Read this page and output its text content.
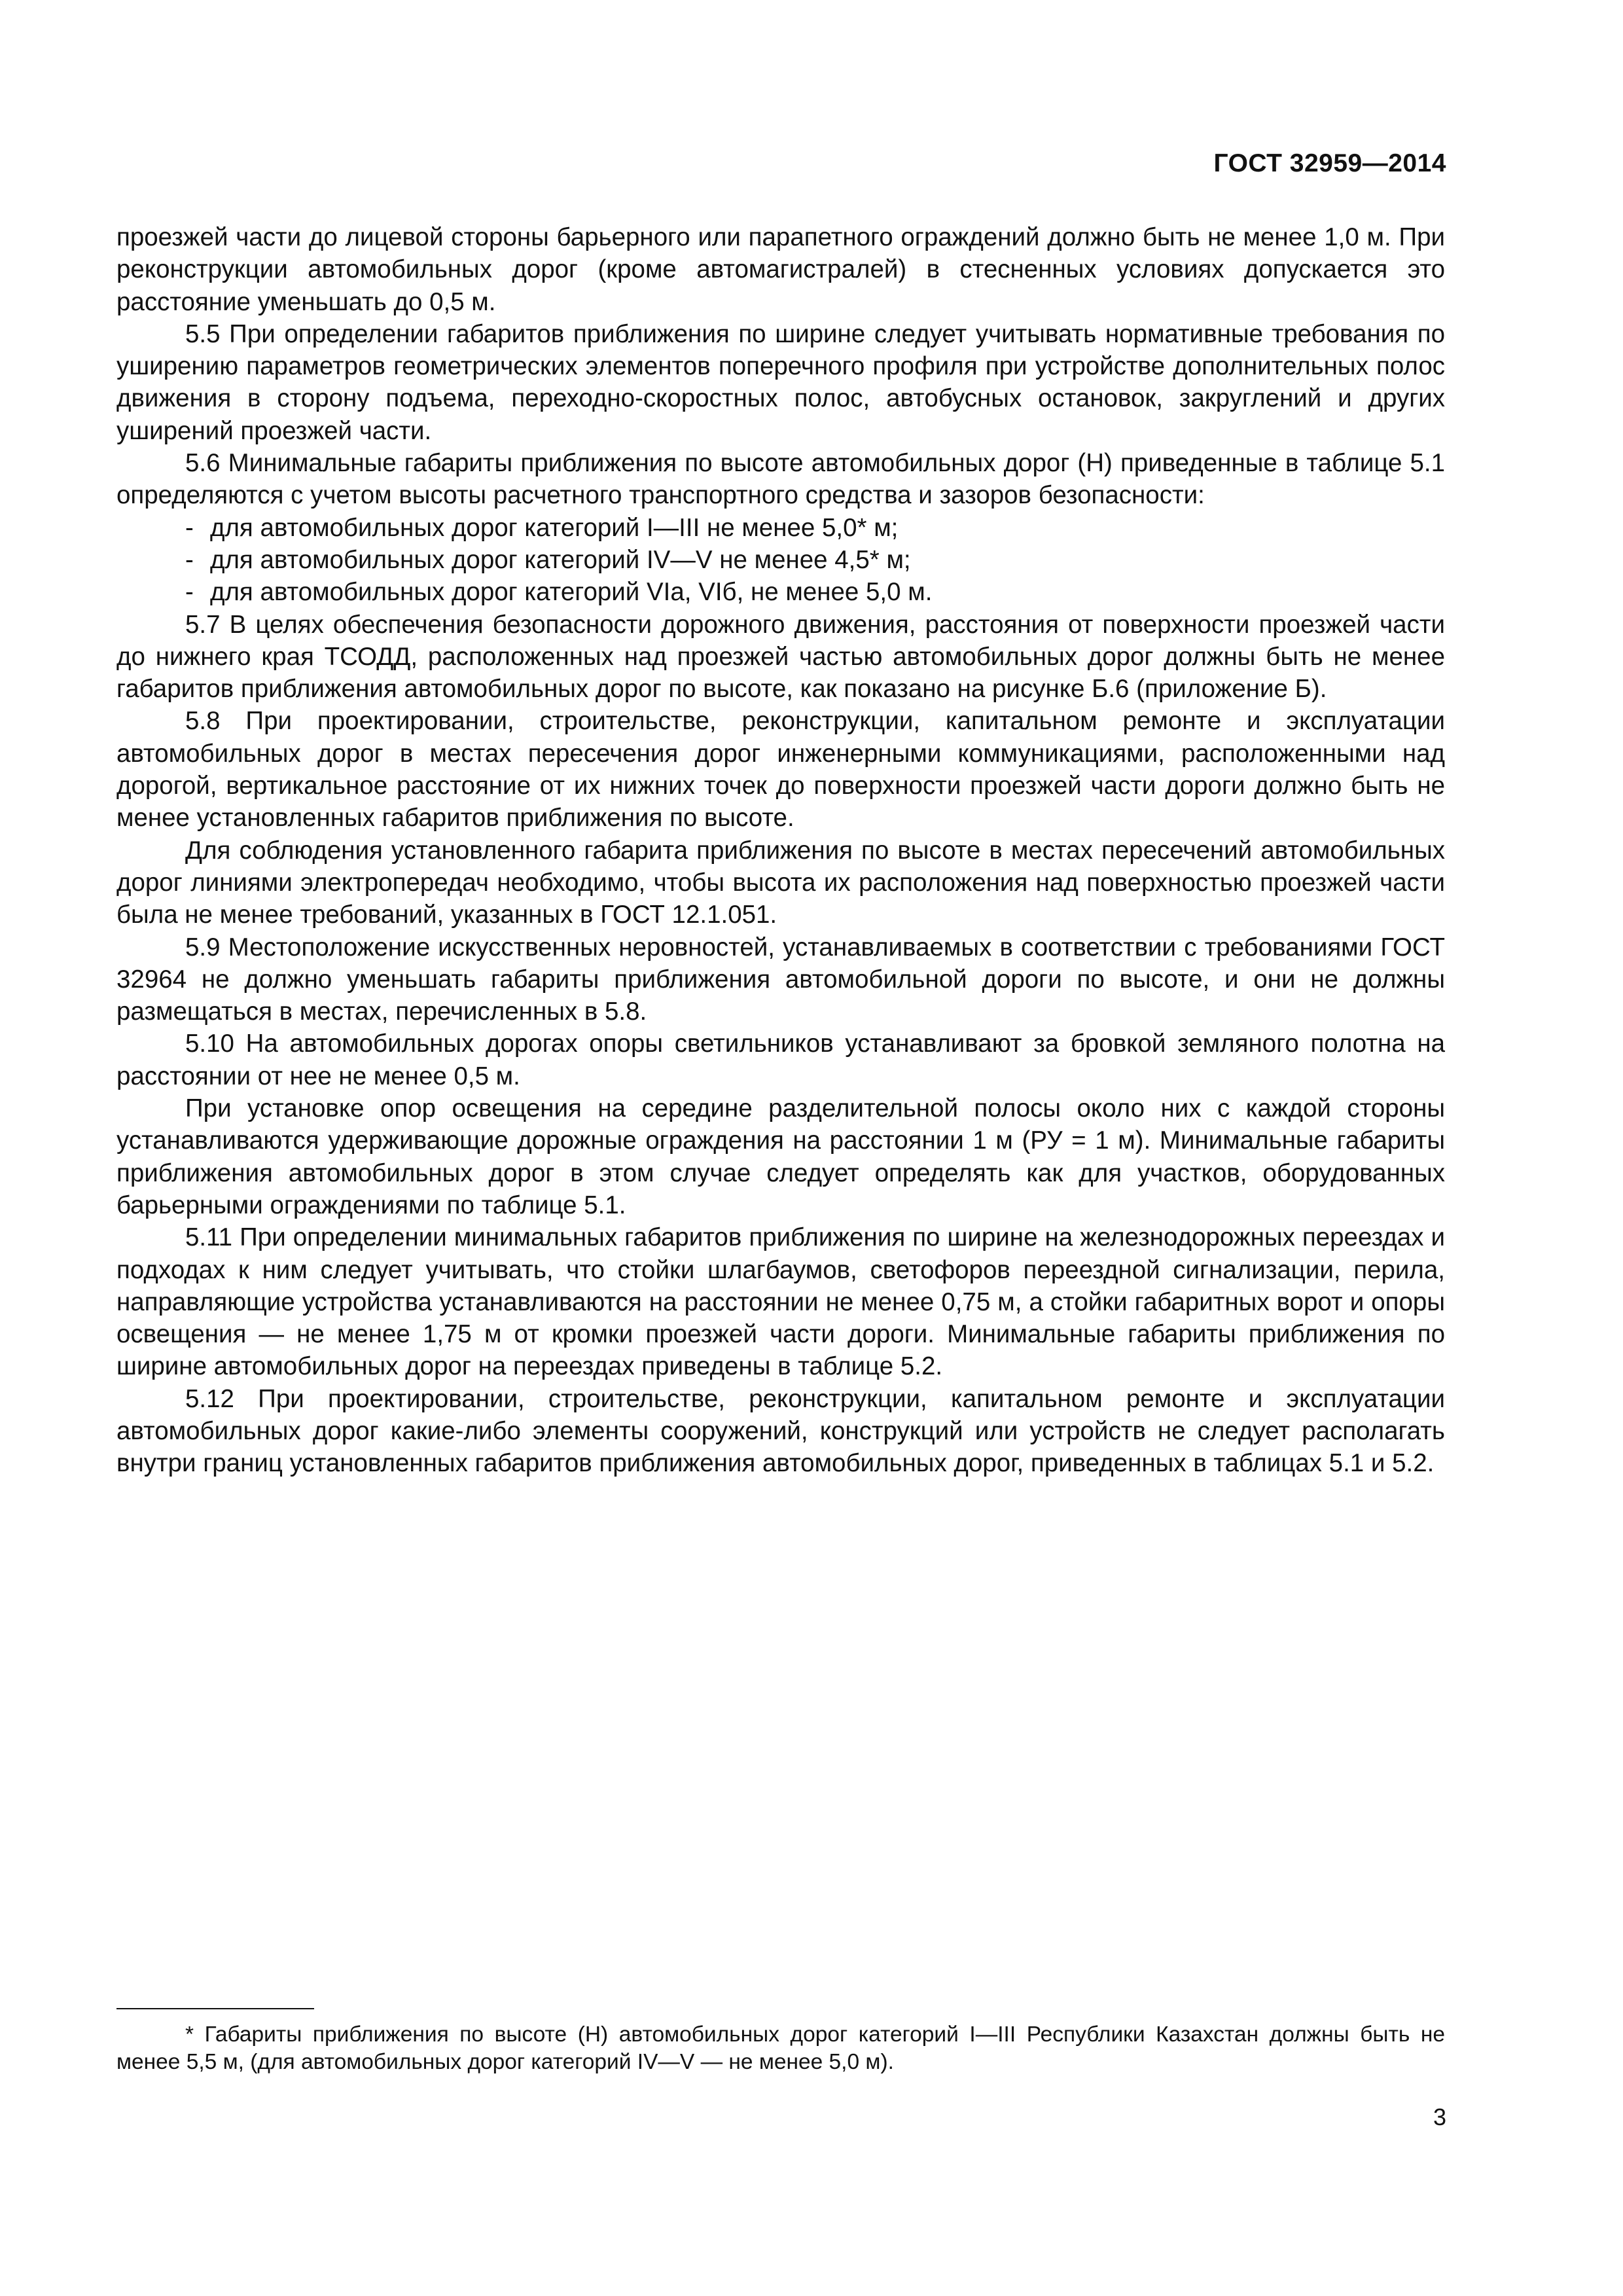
ГОСТ 32959—2014

проезжей части до лицевой стороны барьерного или парапетного ограждений должно быть не менее 1,0 м. При реконструкции автомобильных дорог (кроме автомагистралей) в стесненных условиях допускается это расстояние уменьшать до 0,5 м.

5.5 При определении габаритов приближения по ширине следует учитывать нормативные требования по уширению параметров геометрических элементов поперечного профиля при устройстве дополнительных полос движения в сторону подъема, переходно-скоростных полос, автобусных остановок, закруглений и других уширений проезжей части.

5.6 Минимальные габариты приближения по высоте автомобильных дорог (Н) приведенные в таблице 5.1 определяются с учетом высоты расчетного транспортного средства и зазоров безопасности:

- для автомобильных дорог категорий I—III не менее 5,0* м;
- для автомобильных дорог категорий IV—V не менее 4,5* м;
- для автомобильных дорог категорий VIa, VIб, не менее 5,0 м.

5.7 В целях обеспечения безопасности дорожного движения, расстояния от поверхности проезжей части до нижнего края ТСОДД, расположенных над проезжей частью автомобильных дорог должны быть не менее габаритов приближения автомобильных дорог по высоте, как показано на рисунке Б.6 (приложение Б).

5.8 При проектировании, строительстве, реконструкции, капитальном ремонте и эксплуатации автомобильных дорог в местах пересечения дорог инженерными коммуникациями, расположенными над дорогой, вертикальное расстояние от их нижних точек до поверхности проезжей части дороги должно быть не менее установленных габаритов приближения по высоте.

Для соблюдения установленного габарита приближения по высоте в местах пересечений автомобильных дорог линиями электропередач необходимо, чтобы высота их расположения над поверхностью проезжей части была не менее требований, указанных в ГОСТ 12.1.051.

5.9 Местоположение искусственных неровностей, устанавливаемых в соответствии с требованиями ГОСТ 32964 не должно уменьшать габариты приближения автомобильной дороги по высоте, и они не должны размещаться в местах, перечисленных в 5.8.

5.10 На автомобильных дорогах опоры светильников устанавливают за бровкой земляного полотна на расстоянии от нее не менее 0,5 м.

При установке опор освещения на середине разделительной полосы около них с каждой стороны устанавливаются удерживающие дорожные ограждения на расстоянии 1 м (РУ = 1 м). Минимальные габариты приближения автомобильных дорог в этом случае следует определять как для участков, оборудованных барьерными ограждениями по таблице 5.1.

5.11 При определении минимальных габаритов приближения по ширине на железнодорожных переездах и подходах к ним следует учитывать, что стойки шлагбаумов, светофоров переездной сигнализации, перила, направляющие устройства устанавливаются на расстоянии не менее 0,75 м, а стойки габаритных ворот и опоры освещения — не менее 1,75 м от кромки проезжей части дороги. Минимальные габариты приближения по ширине автомобильных дорог на переездах приведены в таблице 5.2.

5.12 При проектировании, строительстве, реконструкции, капитальном ремонте и эксплуатации автомобильных дорог какие-либо элементы сооружений, конструкций или устройств не следует располагать внутри границ установленных габаритов приближения автомобильных дорог, приведенных в таблицах 5.1 и 5.2.

* Габариты приближения по высоте (Н) автомобильных дорог категорий I—III Республики Казахстан должны быть не менее 5,5 м, (для автомобильных дорог категорий IV—V — не менее 5,0 м).

3
